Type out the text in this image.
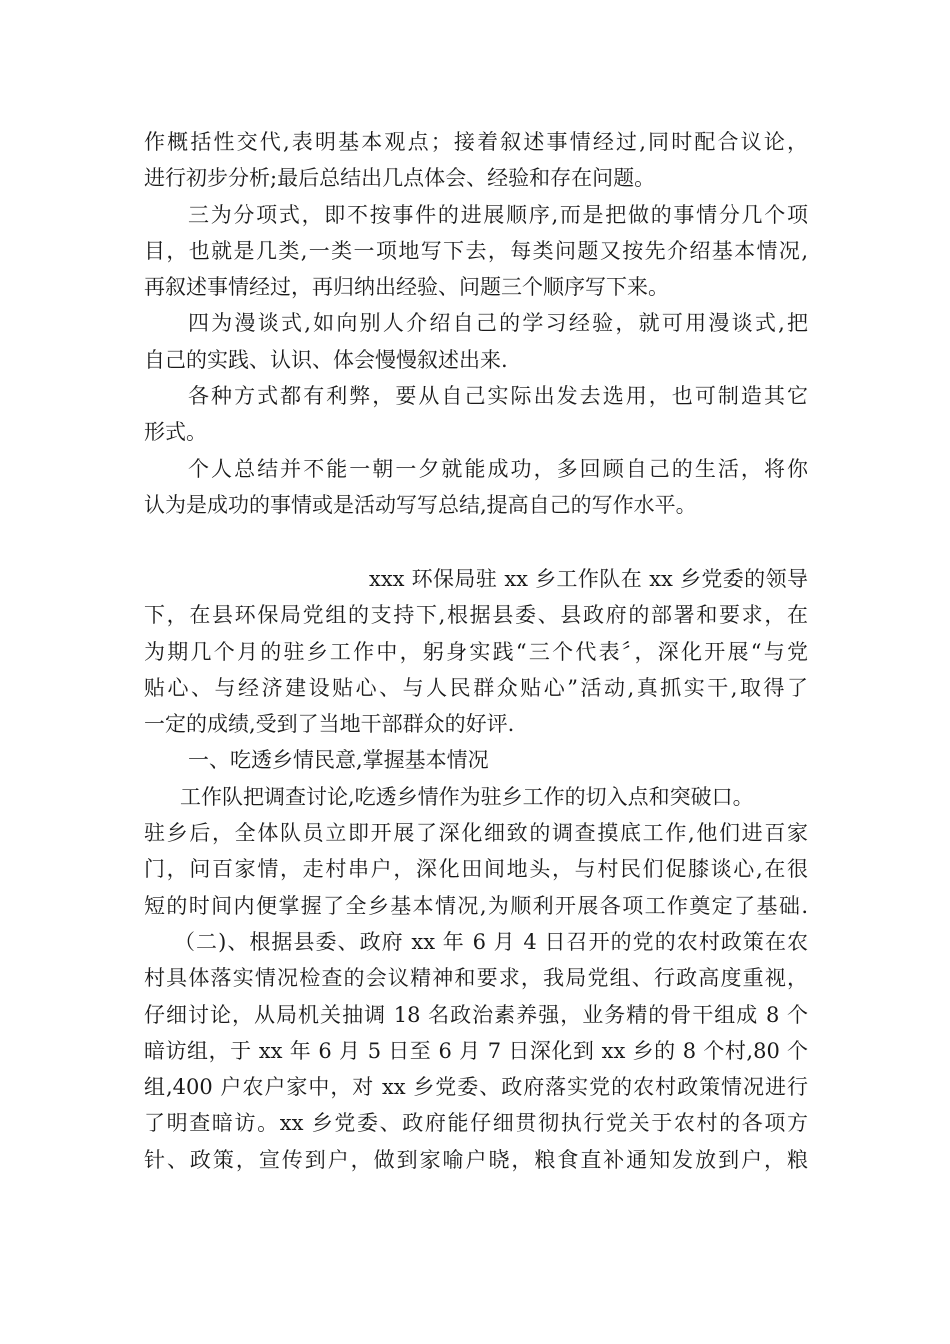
作概括性交代,表明基本观点；接着叙述事情经过,同时配合议论，
进行初步分析;最后总结出几点体会、经验和存在问题。
三为分项式，即不按事件的进展顺序,而是把做的事情分几个项
目，也就是几类,一类一项地写下去，每类问题又按先介绍基本情况,
再叙述事情经过，再归纳出经验、问题三个顺序写下来。
四为漫谈式,如向别人介绍自己的学习经验，就可用漫谈式,把
自己的实践、认识、体会慢慢叙述出来.
各种方式都有利弊，要从自己实际出发去选用，也可制造其它
形式。
个人总结并不能一朝一夕就能成功，多回顾自己的生活，将你
认为是成功的事情或是活动写写总结,提高自己的写作水平。
xxx 环保局驻 xx 乡工作队在 xx 乡党委的领导
下，在县环保局党组的支持下,根据县委、县政府的部署和要求，在
为期几个月的驻乡工作中，躬身实践“三个代表〞，深化开展“与党
贴心、与经济建设贴心、与人民群众贴心”活动,真抓实干,取得了
一定的成绩,受到了当地干部群众的好评.
一、吃透乡情民意,掌握基本情况
工作队把调查讨论,吃透乡情作为驻乡工作的切入点和突破口。
驻乡后，全体队员立即开展了深化细致的调查摸底工作,他们进百家
门，问百家情，走村串户，深化田间地头，与村民们促膝谈心,在很
短的时间内便掌握了全乡基本情况,为顺利开展各项工作奠定了基础.
（二)、根据县委、政府 xx 年 6 月 4 日召开的党的农村政策在农
村具体落实情况检查的会议精神和要求，我局党组、行政高度重视，
仔细讨论，从局机关抽调 18 名政治素养强，业务精的骨干组成 8 个
暗访组，于 xx 年 6 月 5 日至 6 月 7 日深化到 xx 乡的 8 个村,80 个
组,400 户农户家中，对 xx 乡党委、政府落实党的农村政策情况进行
了明查暗访。xx 乡党委、政府能仔细贯彻执行党关于农村的各项方
针、政策，宣传到户，做到家喻户晓，粮食直补通知发放到户，粮
